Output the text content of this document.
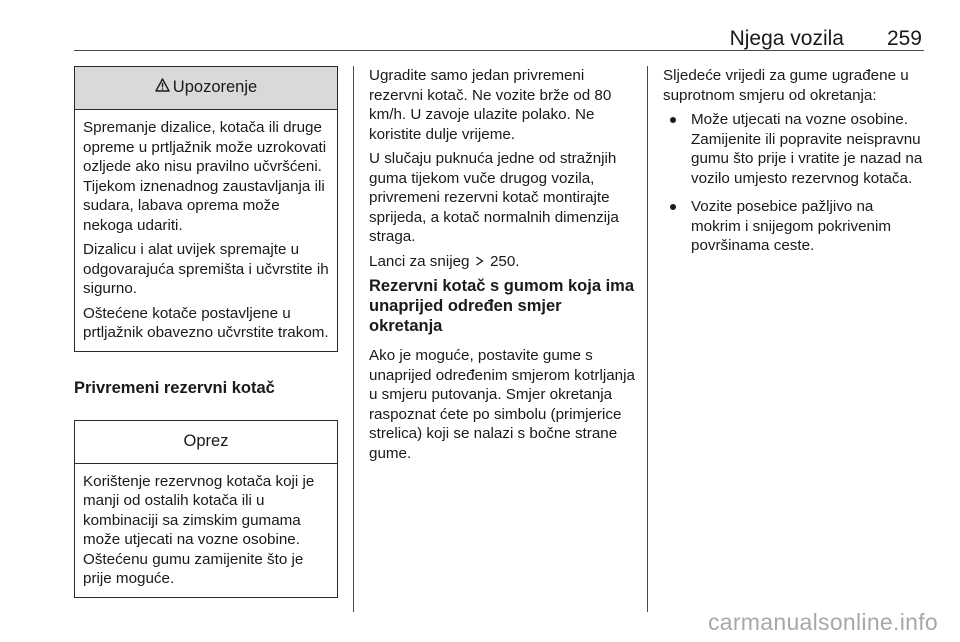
Njega vozila 259
Upozorenje

Spremanje dizalice, kotača ili druge opreme u prtljažnik može uzrokovati ozljede ako nisu pravilno učvršćeni. Tijekom iznenadnog zaustavljanja ili sudara, labava oprema može nekoga udariti.

Dizalicu i alat uvijek spremajte u odgovarajuća spremišta i učvrstite ih sigurno.

Oštećene kotače postavljene u prtljažnik obavezno učvrstite trakom.

Privremeni rezervni kotač
Oprez

Korištenje rezervnog kotača koji je manji od ostalih kotača ili u kombinaciji sa zimskim gumama može utjecati na vozne osobine. Oštećenu gumu zamijenite što je prije moguće.

Ugradite samo jedan privremeni rezervni kotač. Ne vozite brže od 80 km/h. U zavoje ulazite polako. Ne koristite dulje vrijeme.

U slučaju puknuća jedne od stražnjih guma tijekom vuče drugog vozila, privremeni rezervni kotač montirajte sprijeda, a kotač normalnih dimenzija straga.

Lanci za snijeg 250.

Rezervni kotač s gumom koja ima unaprijed određen smjer okretanja

Ako je moguće, postavite gume s unaprijed određenim smjerom kotrljanja u smjeru putovanja. Smjer okretanja raspoznat ćete po simbolu (primjerice strelica) koji se nalazi s bočne strane gume.

Sljedeće vrijedi za gume ugrađene u suprotnom smjeru od okretanja:

Može utjecati na vozne osobine. Zamijenite ili popravite neispravnu gumu što prije i vratite je nazad na vozilo umjesto rezervnog kotača.
Vozite posebice pažljivo na mokrim i snijegom pokrivenim površinama ceste.
carmanualsonline.info
